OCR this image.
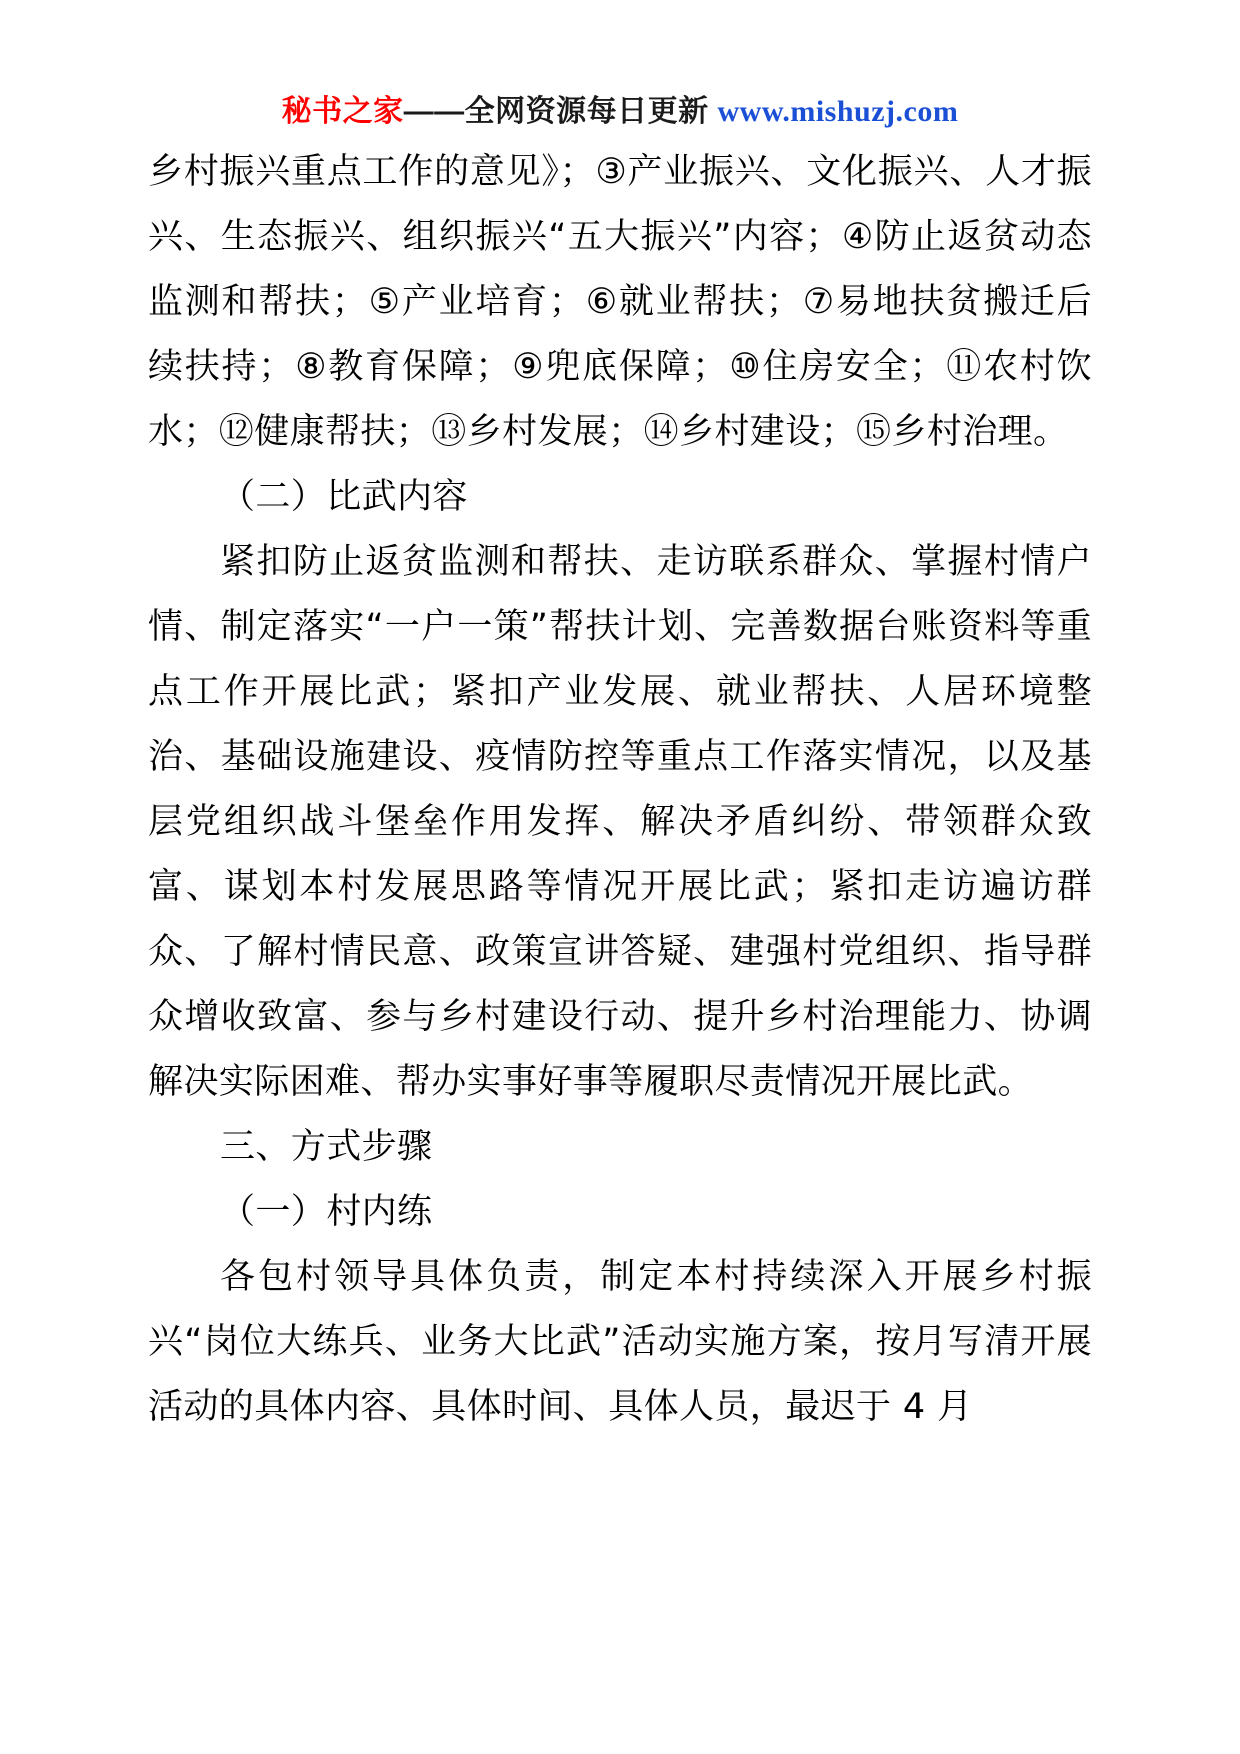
秘书之家——全网资源每日更新 www.mishuzj.com

乡村振兴重点工作的意见》；③产业振兴、文化振兴、人才振兴、生态振兴、组织振兴“五大振兴”内容；④防止返贫动态监测和帮扶；⑤产业培育；⑥就业帮扶；⑦易地扶贫搬迁后续扶持；⑧教育保障；⑨兜底保障；⑩住房安全；⑪农村饮水；⑫健康帮扶；⑬乡村发展；⑭乡村建设；⑮乡村治理。

（二）比武内容

紧扣防止返贫监测和帮扶、走访联系群众、掌握村情户情、制定落实“一户一策”帮扶计划、完善数据台账资料等重点工作开展比武；紧扣产业发展、就业帮扶、人居环境整治、基础设施建设、疫情防控等重点工作落实情况，以及基层党组织战斗堡垒作用发挥、解决矛盾纠纷、带领群众致富、谋划本村发展思路等情况开展比武；紧扣走访遍访群众、了解村情民意、政策宣讲答疑、建强村党组织、指导群众增收致富、参与乡村建设行动、提升乡村治理能力、协调解决实际困难、帮办实事好事等履职尽责情况开展比武。

三、方式步骤

（一）村内练

各包村领导具体负责，制定本村持续深入开展乡村振兴“岗位大练兵、业务大比武”活动实施方案，按月写清开展活动的具体内容、具体时间、具体人员，最迟于 4 月
